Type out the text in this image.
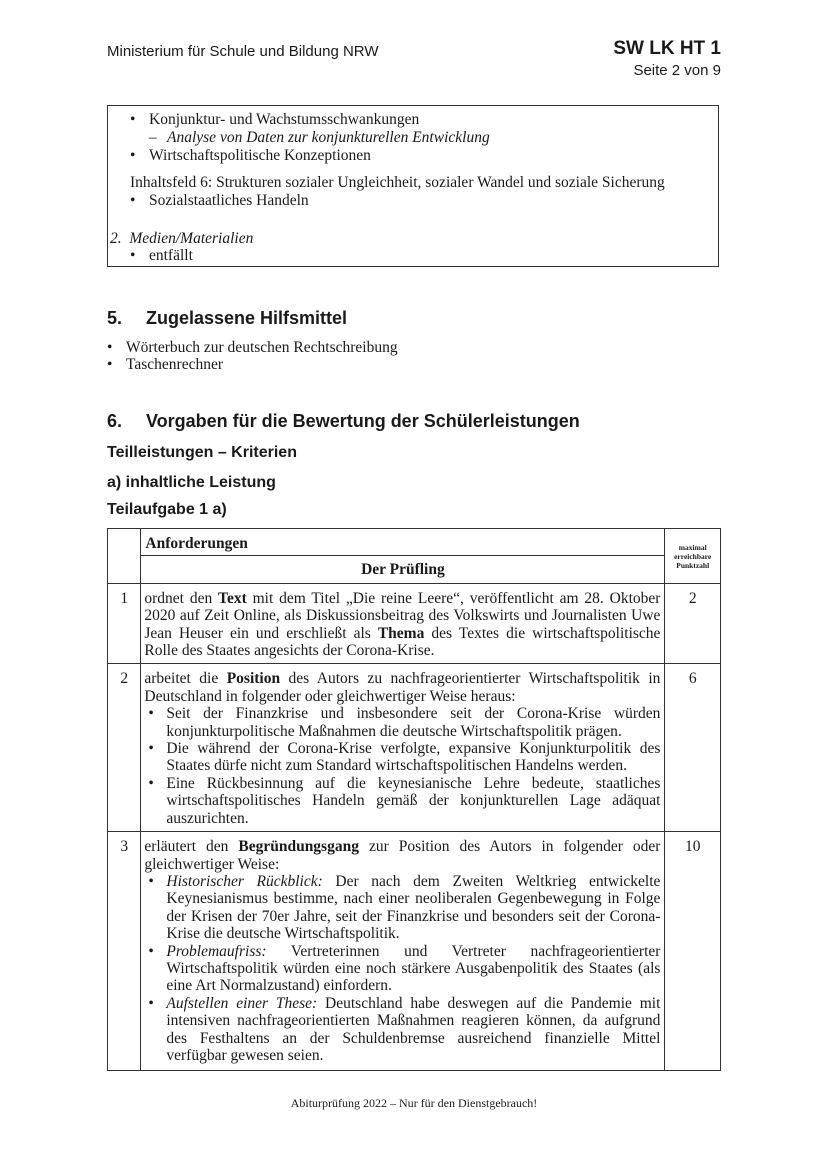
Ministerium für Schule und Bildung NRW	SW LK HT 1
Seite 2 von 9
• Konjunktur- und Wachstumsschwankungen
– Analyse von Daten zur konjunkturellen Entwicklung
• Wirtschaftspolitische Konzeptionen
Inhaltsfeld 6: Strukturen sozialer Ungleichheit, sozialer Wandel und soziale Sicherung
• Sozialstaatliches Handeln
2. Medien/Materialien
• entfällt
5. Zugelassene Hilfsmittel
• Wörterbuch zur deutschen Rechtschreibung
• Taschenrechner
6. Vorgaben für die Bewertung der Schülerleistungen
Teilleistungen – Kriterien
a) inhaltliche Leistung
Teilaufgabe 1 a)
	Anforderungen	maximal
erreichbare
Punktzahl

	Der Prüfling	
1	ordnet den Text mit dem Titel „Die reine Leere“, veröffentlicht am 28. Oktober 2020 auf Zeit Online, als Diskussionsbeitrag des Volkswirts und Journalisten Uwe Jean Heuser ein und erschließt als Thema des Textes die wirtschaftspolitische Rolle des Staates angesichts der Corona-Krise.	2
2	arbeitet die Position des Autors zu nachfrageorientierter Wirtschaftspolitik in Deutschland in folgender oder gleichwertiger Weise heraus:
• Seit der Finanzkrise und insbesondere seit der Corona-Krise würden konjunkturpolitische Maßnahmen die deutsche Wirtschaftspolitik prägen.
• Die während der Corona-Krise verfolgte, expansive Konjunkturpolitik des Staates dürfe nicht zum Standard wirtschaftspolitischen Handelns werden.
• Eine Rückbesinnung auf die keynesianische Lehre bedeute, staatliches wirtschaftspolitisches Handeln gemäß der konjunkturellen Lage adäquat auszurichten.
	6
3	erläutert den Begründungsgang zur Position des Autors in folgender oder gleichwertiger Weise:
• Historischer Rückblick: Der nach dem Zweiten Weltkrieg entwickelte Keynesianismus bestimme, nach einer neoliberalen Gegenbewegung in Folge der Krisen der 70er Jahre, seit der Finanzkrise und besonders seit der Corona-Krise die deutsche Wirtschaftspolitik.
• Problemaufriss: Vertreterinnen und Vertreter nachfrageorientierter Wirtschaftspolitik würden eine noch stärkere Ausgabenpolitik des Staates (als eine Art Normalzustand) einfordern.
• Aufstellen einer These: Deutschland habe deswegen auf die Pandemie mit intensiven nachfrageorientierten Maßnahmen reagieren können, da aufgrund des Festhaltens an der Schuldenbremse ausreichend finanzielle Mittel verfügbar gewesen seien.
	10
Abiturprüfung 2022 – Nur für den Dienstgebrauch!
